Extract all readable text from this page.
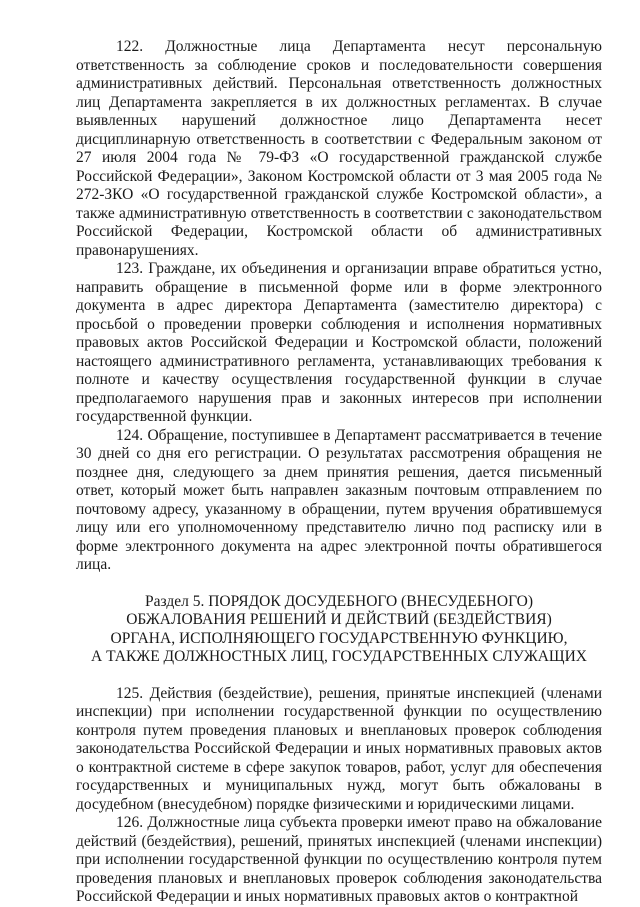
122. Должностные лица Департамента несут персональную ответственность за соблюдение сроков и последовательности совершения административных действий. Персональная ответственность должностных лиц Департамента закрепляется в их должностных регламентах. В случае выявленных нарушений должностное лицо Департамента несет дисциплинарную ответственность в соответствии с Федеральным законом от 27 июля 2004 года № 79-ФЗ «О государственной гражданской службе Российской Федерации», Законом Костромской области от 3 мая 2005 года № 272-ЗКО «О государственной гражданской службе Костромской области», а также административную ответственность в соответствии с законодательством Российской Федерации, Костромской области об административных правонарушениях.

123. Граждане, их объединения и организации вправе обратиться устно, направить обращение в письменной форме или в форме электронного документа в адрес директора Департамента (заместителю директора) с просьбой о проведении проверки соблюдения и исполнения нормативных правовых актов Российской Федерации и Костромской области, положений настоящего административного регламента, устанавливающих требования к полноте и качеству осуществления государственной функции в случае предполагаемого нарушения прав и законных интересов при исполнении государственной функции.

124. Обращение, поступившее в Департамент рассматривается в течение 30 дней со дня его регистрации. О результатах рассмотрения обращения не позднее дня, следующего за днем принятия решения, дается письменный ответ, который может быть направлен заказным почтовым отправлением по почтовому адресу, указанному в обращении, путем вручения обратившемуся лицу или его уполномоченному представителю лично под расписку или в форме электронного документа на адрес электронной почты обратившегося лица.

Раздел 5. ПОРЯДОК ДОСУДЕБНОГО (ВНЕСУДЕБНОГО)
ОБЖАЛОВАНИЯ РЕШЕНИЙ И ДЕЙСТВИЙ (БЕЗДЕЙСТВИЯ)
ОРГАНА, ИСПОЛНЯЮЩЕГО ГОСУДАРСТВЕННУЮ ФУНКЦИЮ,
А ТАКЖЕ ДОЛЖНОСТНЫХ ЛИЦ, ГОСУДАРСТВЕННЫХ СЛУЖАЩИХ

125. Действия (бездействие), решения, принятые инспекцией (членами инспекции) при исполнении государственной функции по осуществлению контроля путем проведения плановых и внеплановых проверок соблюдения законодательства Российской Федерации и иных нормативных правовых актов о контрактной системе в сфере закупок товаров, работ, услуг для обеспечения государственных и муниципальных нужд, могут быть обжалованы в досудебном (внесудебном) порядке физическими и юридическими лицами.

126. Должностные лица субъекта проверки имеют право на обжалование действий (бездействия), решений, принятых инспекцией (членами инспекции) при исполнении государственной функции по осуществлению контроля путем проведения плановых и внеплановых проверок соблюдения законодательства Российской Федерации и иных нормативных правовых актов о контрактной
